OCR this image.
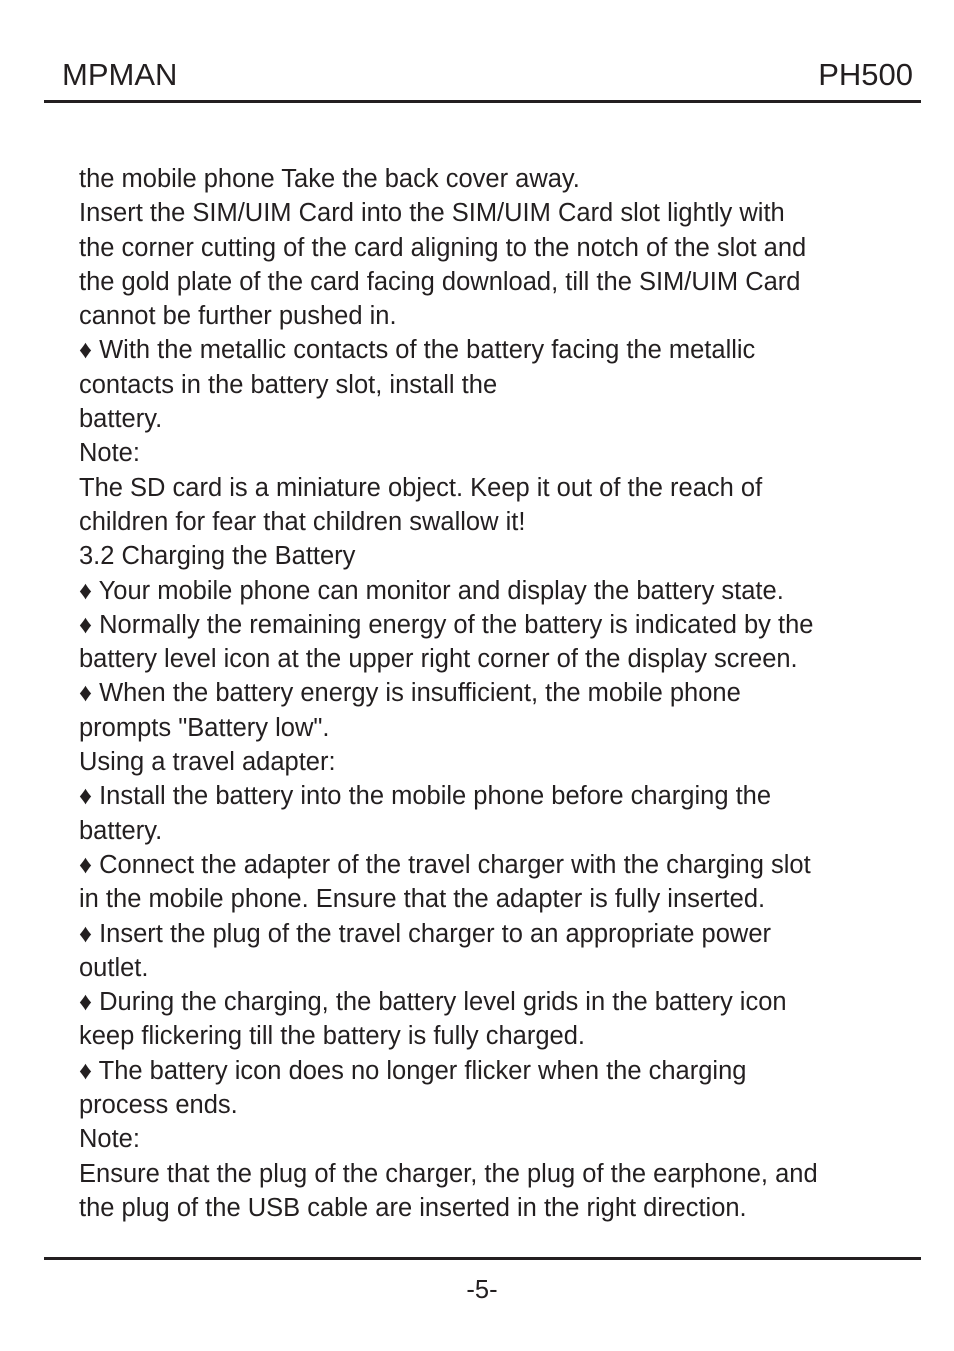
MPMAN	PH500
the mobile phone Take the back cover away.
Insert the SIM/UIM Card into the SIM/UIM Card slot lightly with
the corner cutting of the card aligning to the notch of the slot and
the gold plate of the card facing download, till the SIM/UIM Card
cannot be further pushed in.
♦ With the metallic contacts of the battery facing the metallic
contacts in the battery slot, install the
battery.
Note:
The SD card is a miniature object. Keep it out of the reach of
children for fear that children swallow it!
3.2 Charging the Battery
♦ Your mobile phone can monitor and display the battery state.
♦ Normally the remaining energy of the battery is indicated by the
battery level icon at the upper right corner of the display screen.
♦ When the battery energy is insufficient, the mobile phone
prompts "Battery low".
Using a travel adapter:
♦ Install the battery into the mobile phone before charging the
battery.
♦ Connect the adapter of the travel charger with the charging slot
in the mobile phone. Ensure that the adapter is fully inserted.
♦ Insert the plug of the travel charger to an appropriate power
outlet.
♦ During the charging, the battery level grids in the battery icon
keep flickering till the battery is fully charged.
♦ The battery icon does no longer flicker when the charging
process ends.
Note:
Ensure that the plug of the charger, the plug of the earphone, and
the plug of the USB cable are inserted in the right direction.
-5-
